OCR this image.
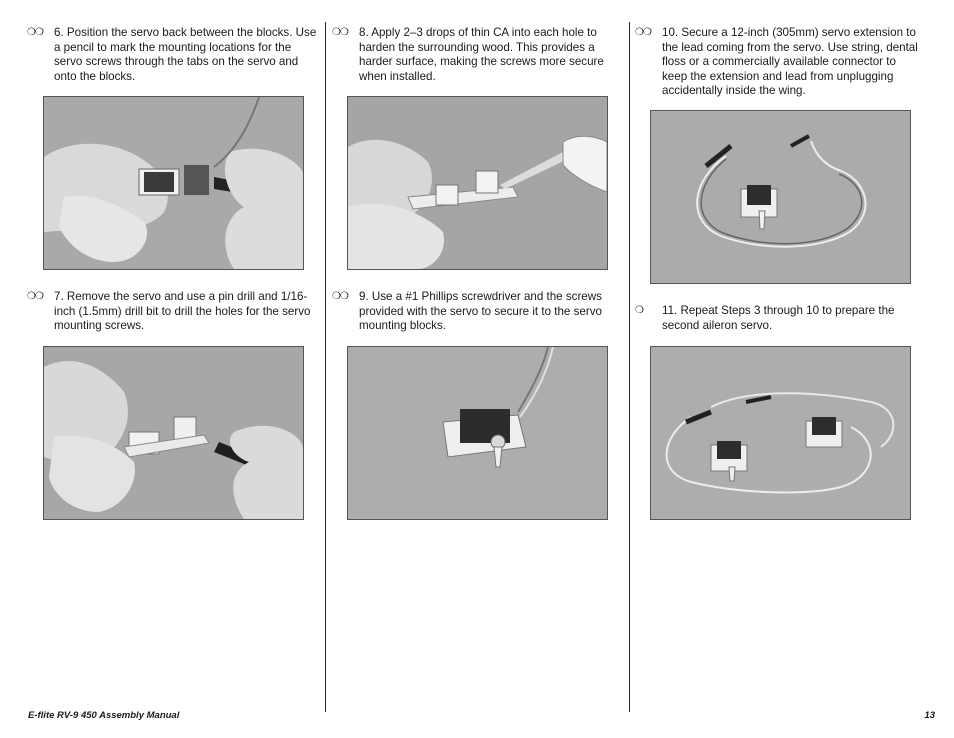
❍❍ 6. Position the servo back between the blocks. Use a pencil to mark the mounting locations for the servo screws through the tabs on the servo and onto the blocks.
❍❍ 7. Remove the servo and use a pin drill and 1/16-inch (1.5mm) drill bit to drill the holes for the servo mounting screws.
❍❍ 8. Apply 2–3 drops of thin CA into each hole to harden the surrounding wood. This provides a harder surface, making the screws more secure when installed.
❍❍ 9. Use a #1 Phillips screwdriver and the screws provided with the servo to secure it to the servo mounting blocks.
❍❍ 10. Secure a 12-inch (305mm) servo extension to the lead coming from the servo. Use string, dental floss or a commercially available connector to keep the extension and lead from unplugging accidentally inside the wing.
❍ 11. Repeat Steps 3 through 10 to prepare the second aileron servo.
E-flite RV-9 450 Assembly Manual	13
